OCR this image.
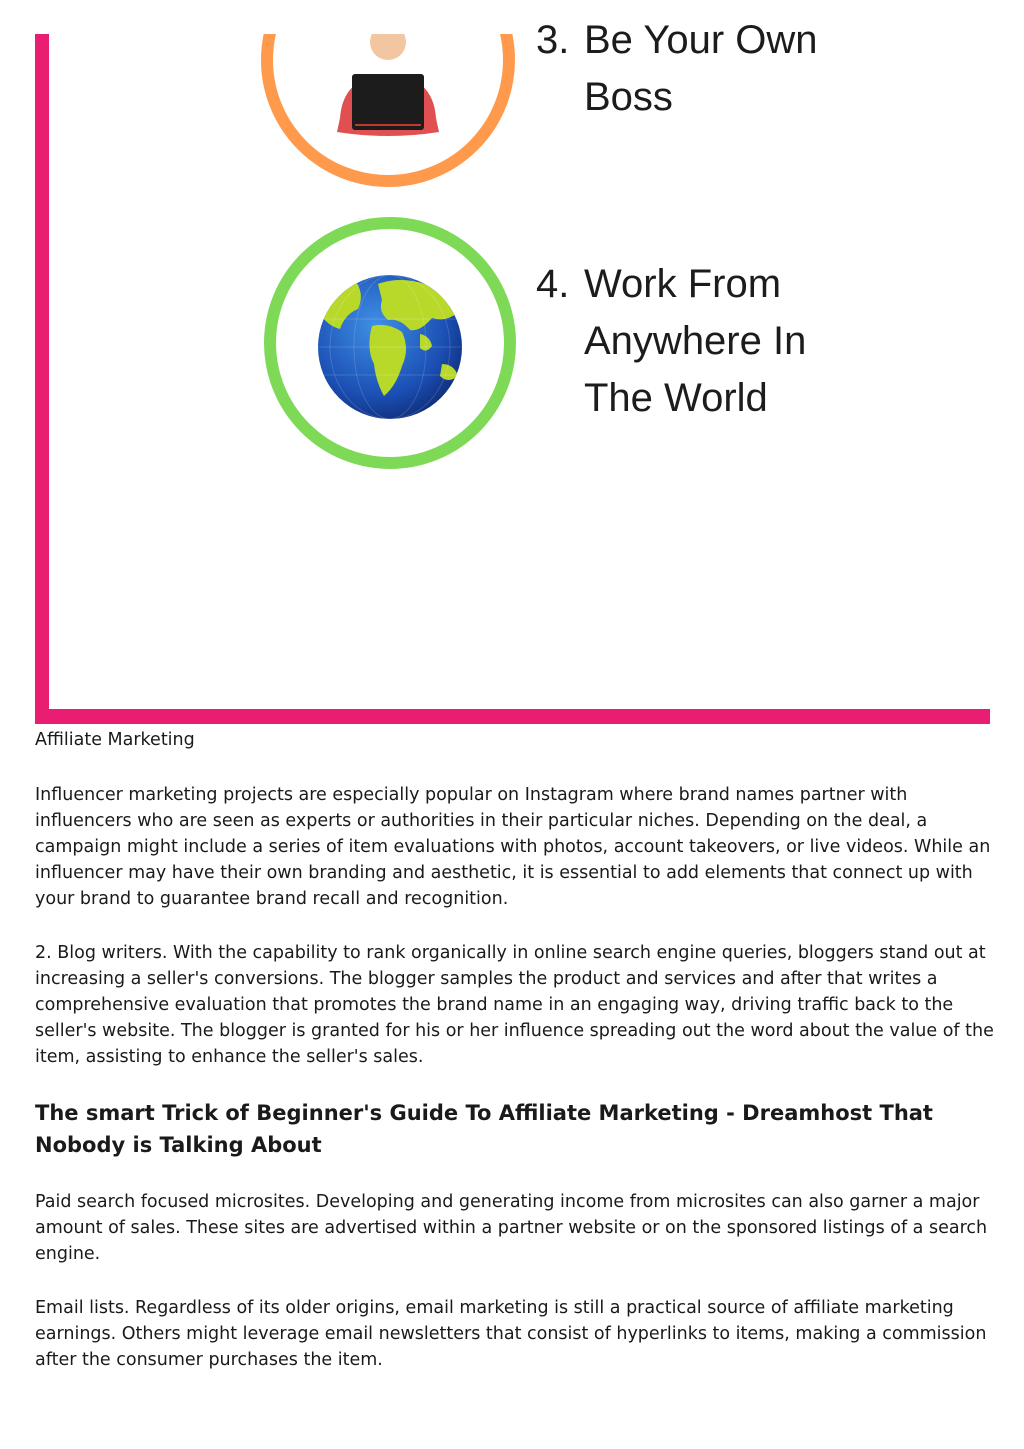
3. Be Your Own
Boss
4. Work From
Anywhere In
The World

Affiliate Marketing

Influencer marketing projects are especially popular on Instagram where brand names partner with influencers who are seen as experts or authorities in their particular niches. Depending on the deal, a campaign might include a series of item evaluations with photos, account takeovers, or live videos. While an influencer may have their own branding and aesthetic, it is essential to add elements that connect up with your brand to guarantee brand recall and recognition.

2. Blog writers. With the capability to rank organically in online search engine queries, bloggers stand out at increasing a seller's conversions. The blogger samples the product and services and after that writes a comprehensive evaluation that promotes the brand name in an engaging way, driving traffic back to the seller's website. The blogger is granted for his or her influence spreading out the word about the value of the item, assisting to enhance the seller's sales.

The smart Trick of Beginner's Guide To Affiliate Marketing - Dreamhost That Nobody is Talking About

Paid search focused microsites. Developing and generating income from microsites can also garner a major amount of sales. These sites are advertised within a partner website or on the sponsored listings of a search engine.

Email lists. Regardless of its older origins, email marketing is still a practical source of affiliate marketing earnings. Others might leverage email newsletters that consist of hyperlinks to items, making a commission after the consumer purchases the item.
